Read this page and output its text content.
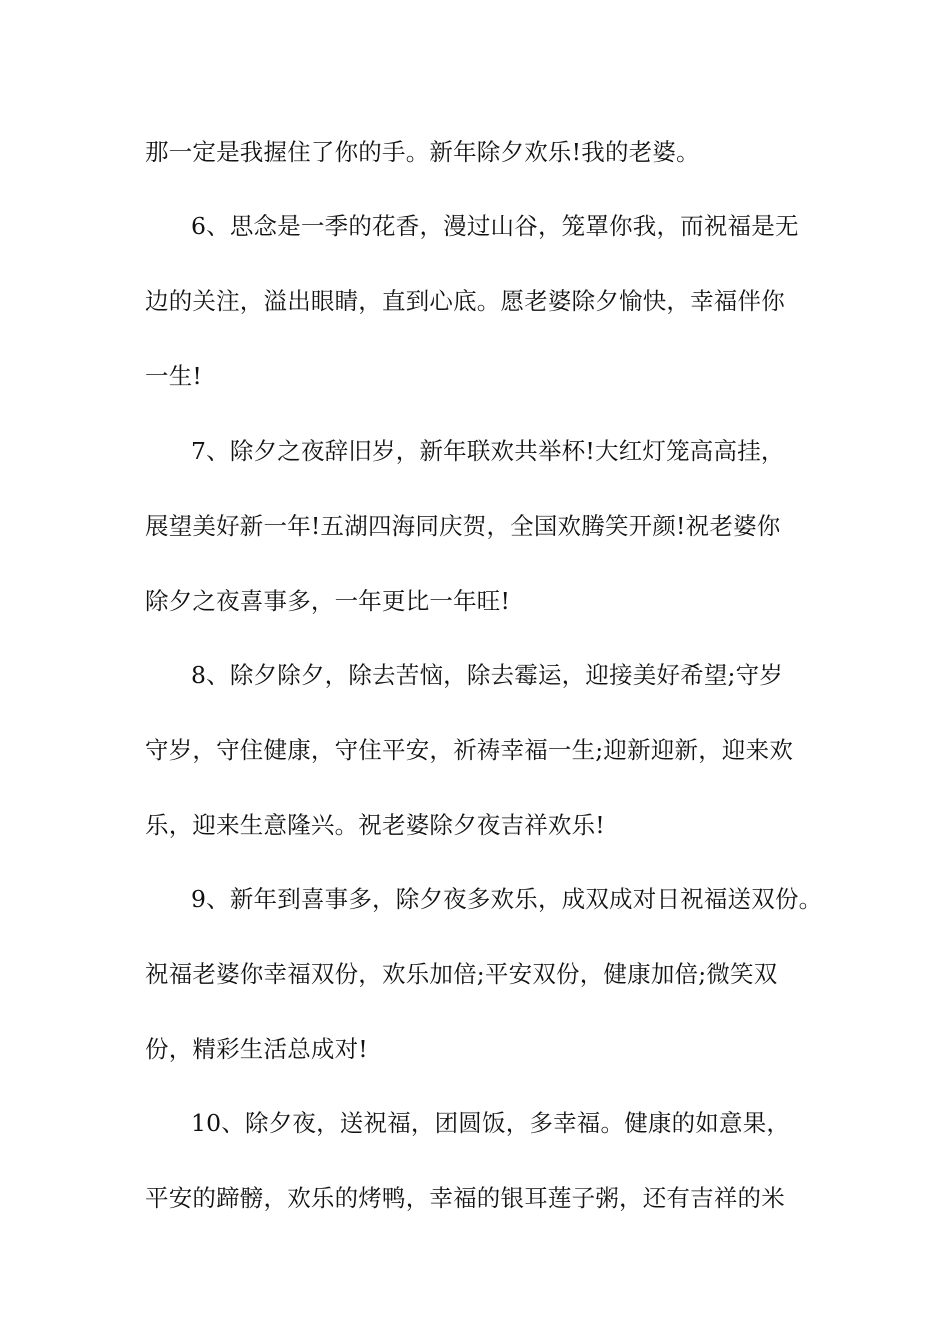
那一定是我握住了你的手。新年除夕欢乐!我的老婆。
6、思念是一季的花香，漫过山谷，笼罩你我，而祝福是无
边的关注，溢出眼睛，直到心底。愿老婆除夕愉快，幸福伴你
一生!
7、除夕之夜辞旧岁，新年联欢共举杯!大红灯笼高高挂，
展望美好新一年!五湖四海同庆贺，全国欢腾笑开颜!祝老婆你
除夕之夜喜事多，一年更比一年旺!
8、除夕除夕，除去苦恼，除去霉运，迎接美好希望;守岁
守岁，守住健康，守住平安，祈祷幸福一生;迎新迎新，迎来欢
乐，迎来生意隆兴。祝老婆除夕夜吉祥欢乐!
9、新年到喜事多，除夕夜多欢乐，成双成对日祝福送双份。
祝福老婆你幸福双份，欢乐加倍;平安双份，健康加倍;微笑双
份，精彩生活总成对!
10、除夕夜，送祝福，团圆饭，多幸福。健康的如意果，
平安的蹄髈，欢乐的烤鸭，幸福的银耳莲子粥，还有吉祥的米
